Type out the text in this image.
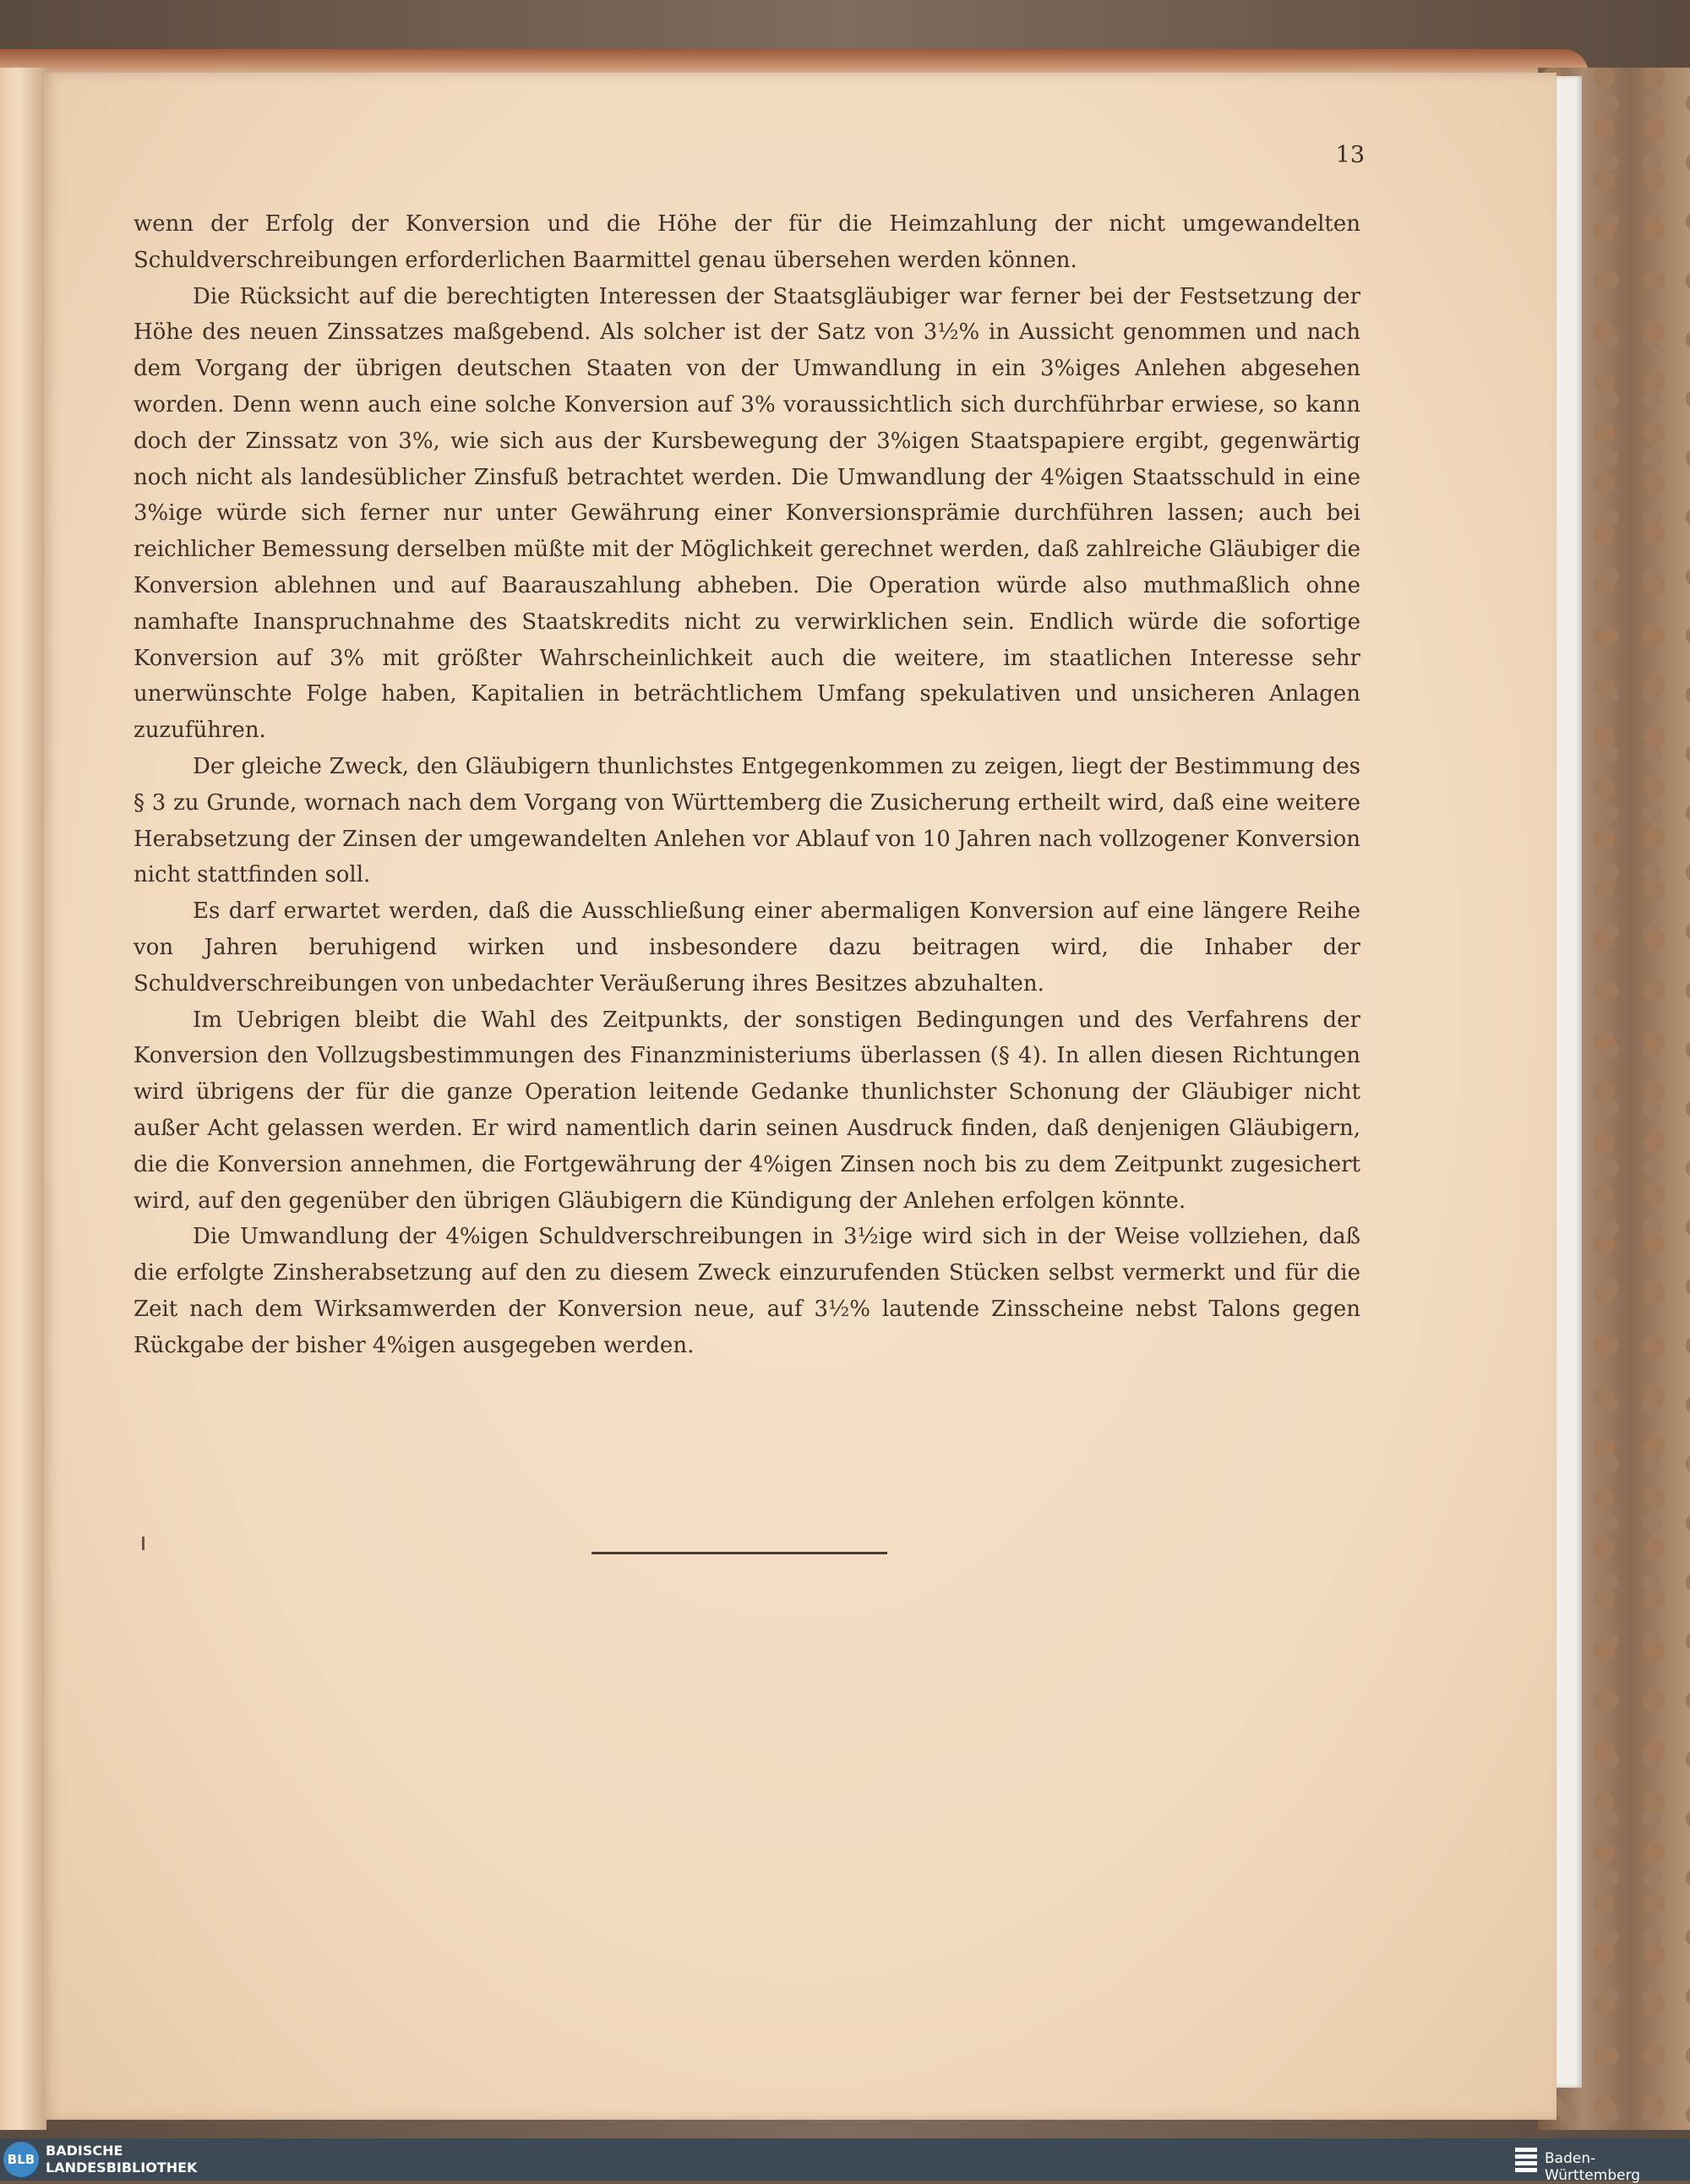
13

wenn der Erfolg der Konversion und die Höhe der für die Heimzahlung der nicht umgewandelten Schuldverschreibungen erforderlichen Baarmittel genau übersehen werden können.

Die Rücksicht auf die berechtigten Interessen der Staatsgläubiger war ferner bei der Festsetzung der Höhe des neuen Zinssatzes maßgebend. Als solcher ist der Satz von 3½% in Aussicht genommen und nach dem Vorgang der übrigen deutschen Staaten von der Umwandlung in ein 3%iges Anlehen abgesehen worden. Denn wenn auch eine solche Konversion auf 3% voraussichtlich sich durchführbar erwiese, so kann doch der Zinssatz von 3%, wie sich aus der Kursbewegung der 3%igen Staatspapiere ergibt, gegenwärtig noch nicht als landesüblicher Zinsfuß betrachtet werden. Die Umwandlung der 4%igen Staatsschuld in eine 3%ige würde sich ferner nur unter Gewährung einer Konversionsprämie durchführen lassen; auch bei reichlicher Bemessung derselben müßte mit der Möglichkeit gerechnet werden, daß zahlreiche Gläubiger die Konversion ablehnen und auf Baarauszahlung abheben. Die Operation würde also muthmaßlich ohne namhafte Inanspruchnahme des Staatskredits nicht zu verwirklichen sein. Endlich würde die sofortige Konversion auf 3% mit größter Wahrscheinlichkeit auch die weitere, im staatlichen Interesse sehr unerwünschte Folge haben, Kapitalien in beträchtlichem Umfang spekulativen und unsicheren Anlagen zuzuführen.

Der gleiche Zweck, den Gläubigern thunlichstes Entgegenkommen zu zeigen, liegt der Bestimmung des § 3 zu Grunde, wornach nach dem Vorgang von Württemberg die Zusicherung ertheilt wird, daß eine weitere Herabsetzung der Zinsen der umgewandelten Anlehen vor Ablauf von 10 Jahren nach vollzogener Konversion nicht stattfinden soll.

Es darf erwartet werden, daß die Ausschließung einer abermaligen Konversion auf eine längere Reihe von Jahren beruhigend wirken und insbesondere dazu beitragen wird, die Inhaber der Schuldverschreibungen von unbedachter Veräußerung ihres Besitzes abzuhalten.

Im Uebrigen bleibt die Wahl des Zeitpunkts, der sonstigen Bedingungen und des Verfahrens der Konversion den Vollzugsbestimmungen des Finanzministeriums überlassen (§ 4). In allen diesen Richtungen wird übrigens der für die ganze Operation leitende Gedanke thunlichster Schonung der Gläubiger nicht außer Acht gelassen werden. Er wird namentlich darin seinen Ausdruck finden, daß denjenigen Gläubigern, die die Konversion annehmen, die Fortgewährung der 4%igen Zinsen noch bis zu dem Zeitpunkt zugesichert wird, auf den gegenüber den übrigen Gläubigern die Kündigung der Anlehen erfolgen könnte.

Die Umwandlung der 4%igen Schuldverschreibungen in 3½ige wird sich in der Weise vollziehen, daß die erfolgte Zinsherabsetzung auf den zu diesem Zweck einzurufenden Stücken selbst vermerkt und für die Zeit nach dem Wirksamwerden der Konversion neue, auf 3½% lautende Zinsscheine nebst Talons gegen Rückgabe der bisher 4%igen ausgegeben werden.

BLB
BADISCHE
LANDESBIBLIOTHEK
Baden-Württemberg
